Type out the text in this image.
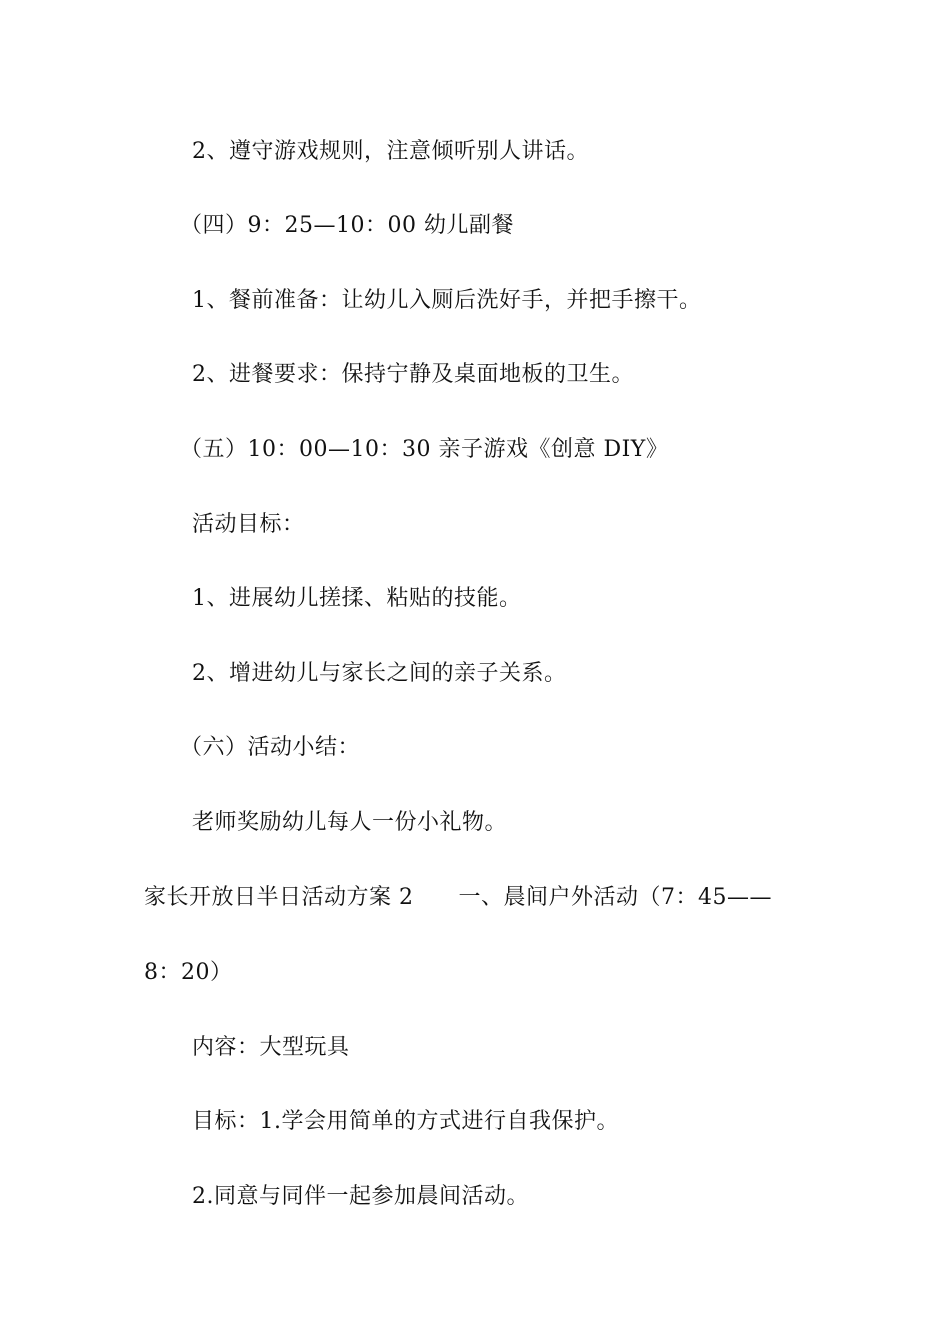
2、遵守游戏规则，注意倾听别人讲话。
（四）9：25—10：00 幼儿副餐
1、餐前准备：让幼儿入厕后洗好手，并把手擦干。
2、进餐要求：保持宁静及桌面地板的卫生。
（五）10：00—10：30 亲子游戏《创意 DIY》
活动目标：
1、进展幼儿搓揉、粘贴的技能。
2、增进幼儿与家长之间的亲子关系。
（六）活动小结：
老师奖励幼儿每人一份小礼物。
家长开放日半日活动方案 2　　一、晨间户外活动（7：45——
8：20）
内容：大型玩具
目标：1.学会用简单的方式进行自我保护。
2.同意与同伴一起参加晨间活动。
